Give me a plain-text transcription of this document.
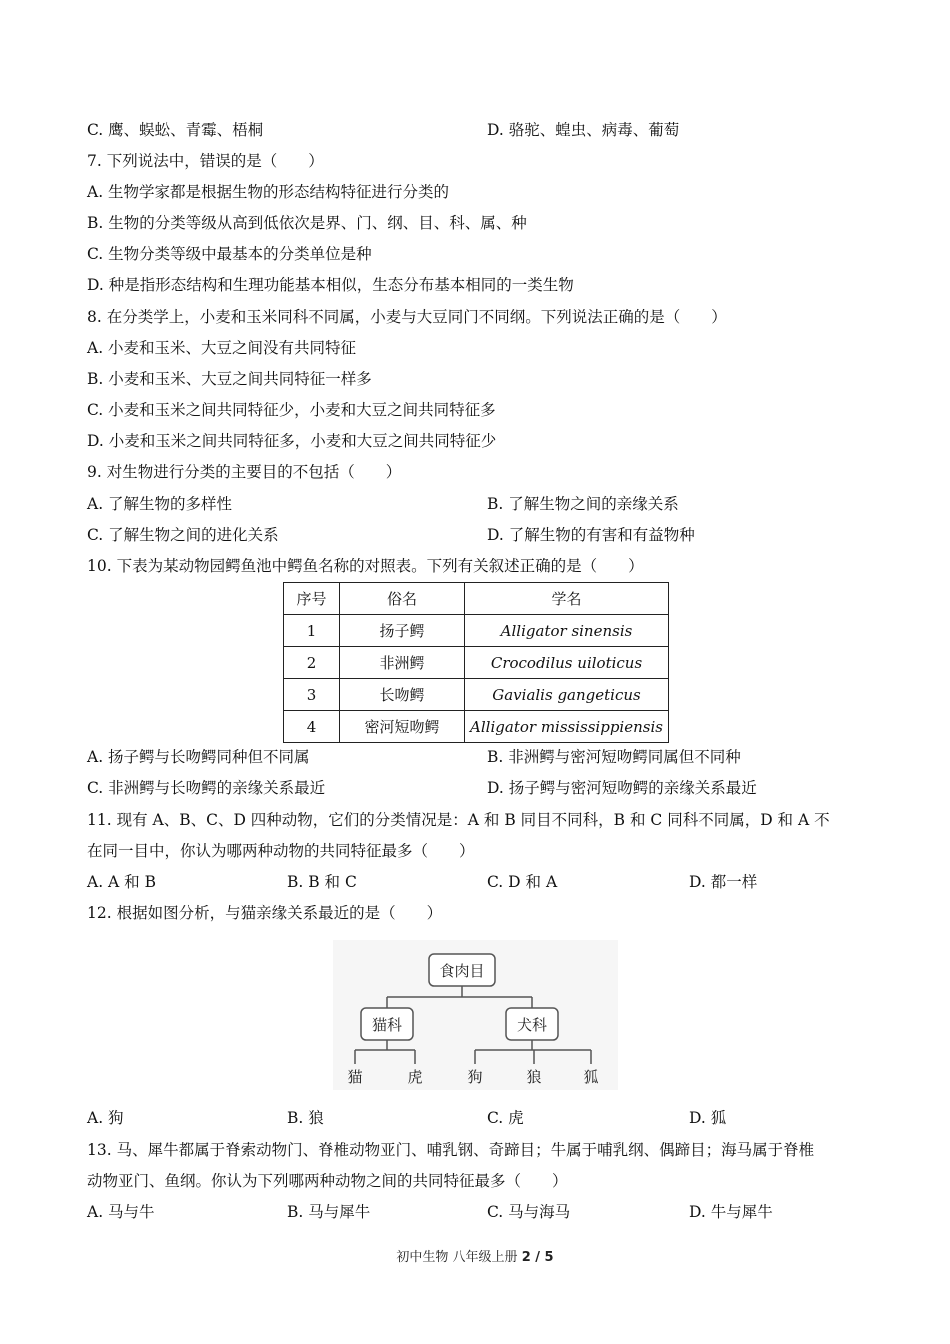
C. 鹰、蜈蚣、青霉、梧桐	D. 骆驼、蝗虫、病毒、葡萄
7. 下列说法中，错误的是（　　）
A. 生物学家都是根据生物的形态结构特征进行分类的
B. 生物的分类等级从高到低依次是界、门、纲、目、科、属、种
C. 生物分类等级中最基本的分类单位是种
D. 种是指形态结构和生理功能基本相似，生态分布基本相同的一类生物
8. 在分类学上，小麦和玉米同科不同属，小麦与大豆同门不同纲。下列说法正确的是（　　）
A. 小麦和玉米、大豆之间没有共同特征
B. 小麦和玉米、大豆之间共同特征一样多
C. 小麦和玉米之间共同特征少，小麦和大豆之间共同特征多
D. 小麦和玉米之间共同特征多，小麦和大豆之间共同特征少
9. 对生物进行分类的主要目的不包括（　　）
A. 了解生物的多样性	B. 了解生物之间的亲缘关系
C. 了解生物之间的进化关系	D. 了解生物的有害和有益物种
10. 下表为某动物园鳄鱼池中鳄鱼名称的对照表。下列有关叙述正确的是（　　）
序号	俗名	学名
1	扬子鳄	Alligator sinensis
2	非洲鳄	Crocodilus uiloticus
3	长吻鳄	Gavialis gangeticus
4	密河短吻鳄	Alligator mississippiensis
A. 扬子鳄与长吻鳄同种但不同属	B. 非洲鳄与密河短吻鳄同属但不同种
C. 非洲鳄与长吻鳄的亲缘关系最近	D. 扬子鳄与密河短吻鳄的亲缘关系最近
11. 现有 A、B、C、D 四种动物，它们的分类情况是：A 和 B 同目不同科，B 和 C 同科不同属，D 和 A 不
在同一目中，你认为哪两种动物的共同特征最多（　　）
A. A 和 B	B. B 和 C	C. D 和 A	D. 都一样
12. 根据如图分析，与猫亲缘关系最近的是（　　）
食肉目
猫科	犬科
猫	虎	狗	狼	狐
A. 狗	B. 狼	C. 虎	D. 狐
13. 马、犀牛都属于脊索动物门、脊椎动物亚门、哺乳钢、奇蹄目；牛属于哺乳纲、偶蹄目；海马属于脊椎
动物亚门、鱼纲。你认为下列哪两种动物之间的共同特征最多（　　）
A. 马与牛	B. 马与犀牛	C. 马与海马	D. 牛与犀牛
初中生物 八年级上册 2 / 5
